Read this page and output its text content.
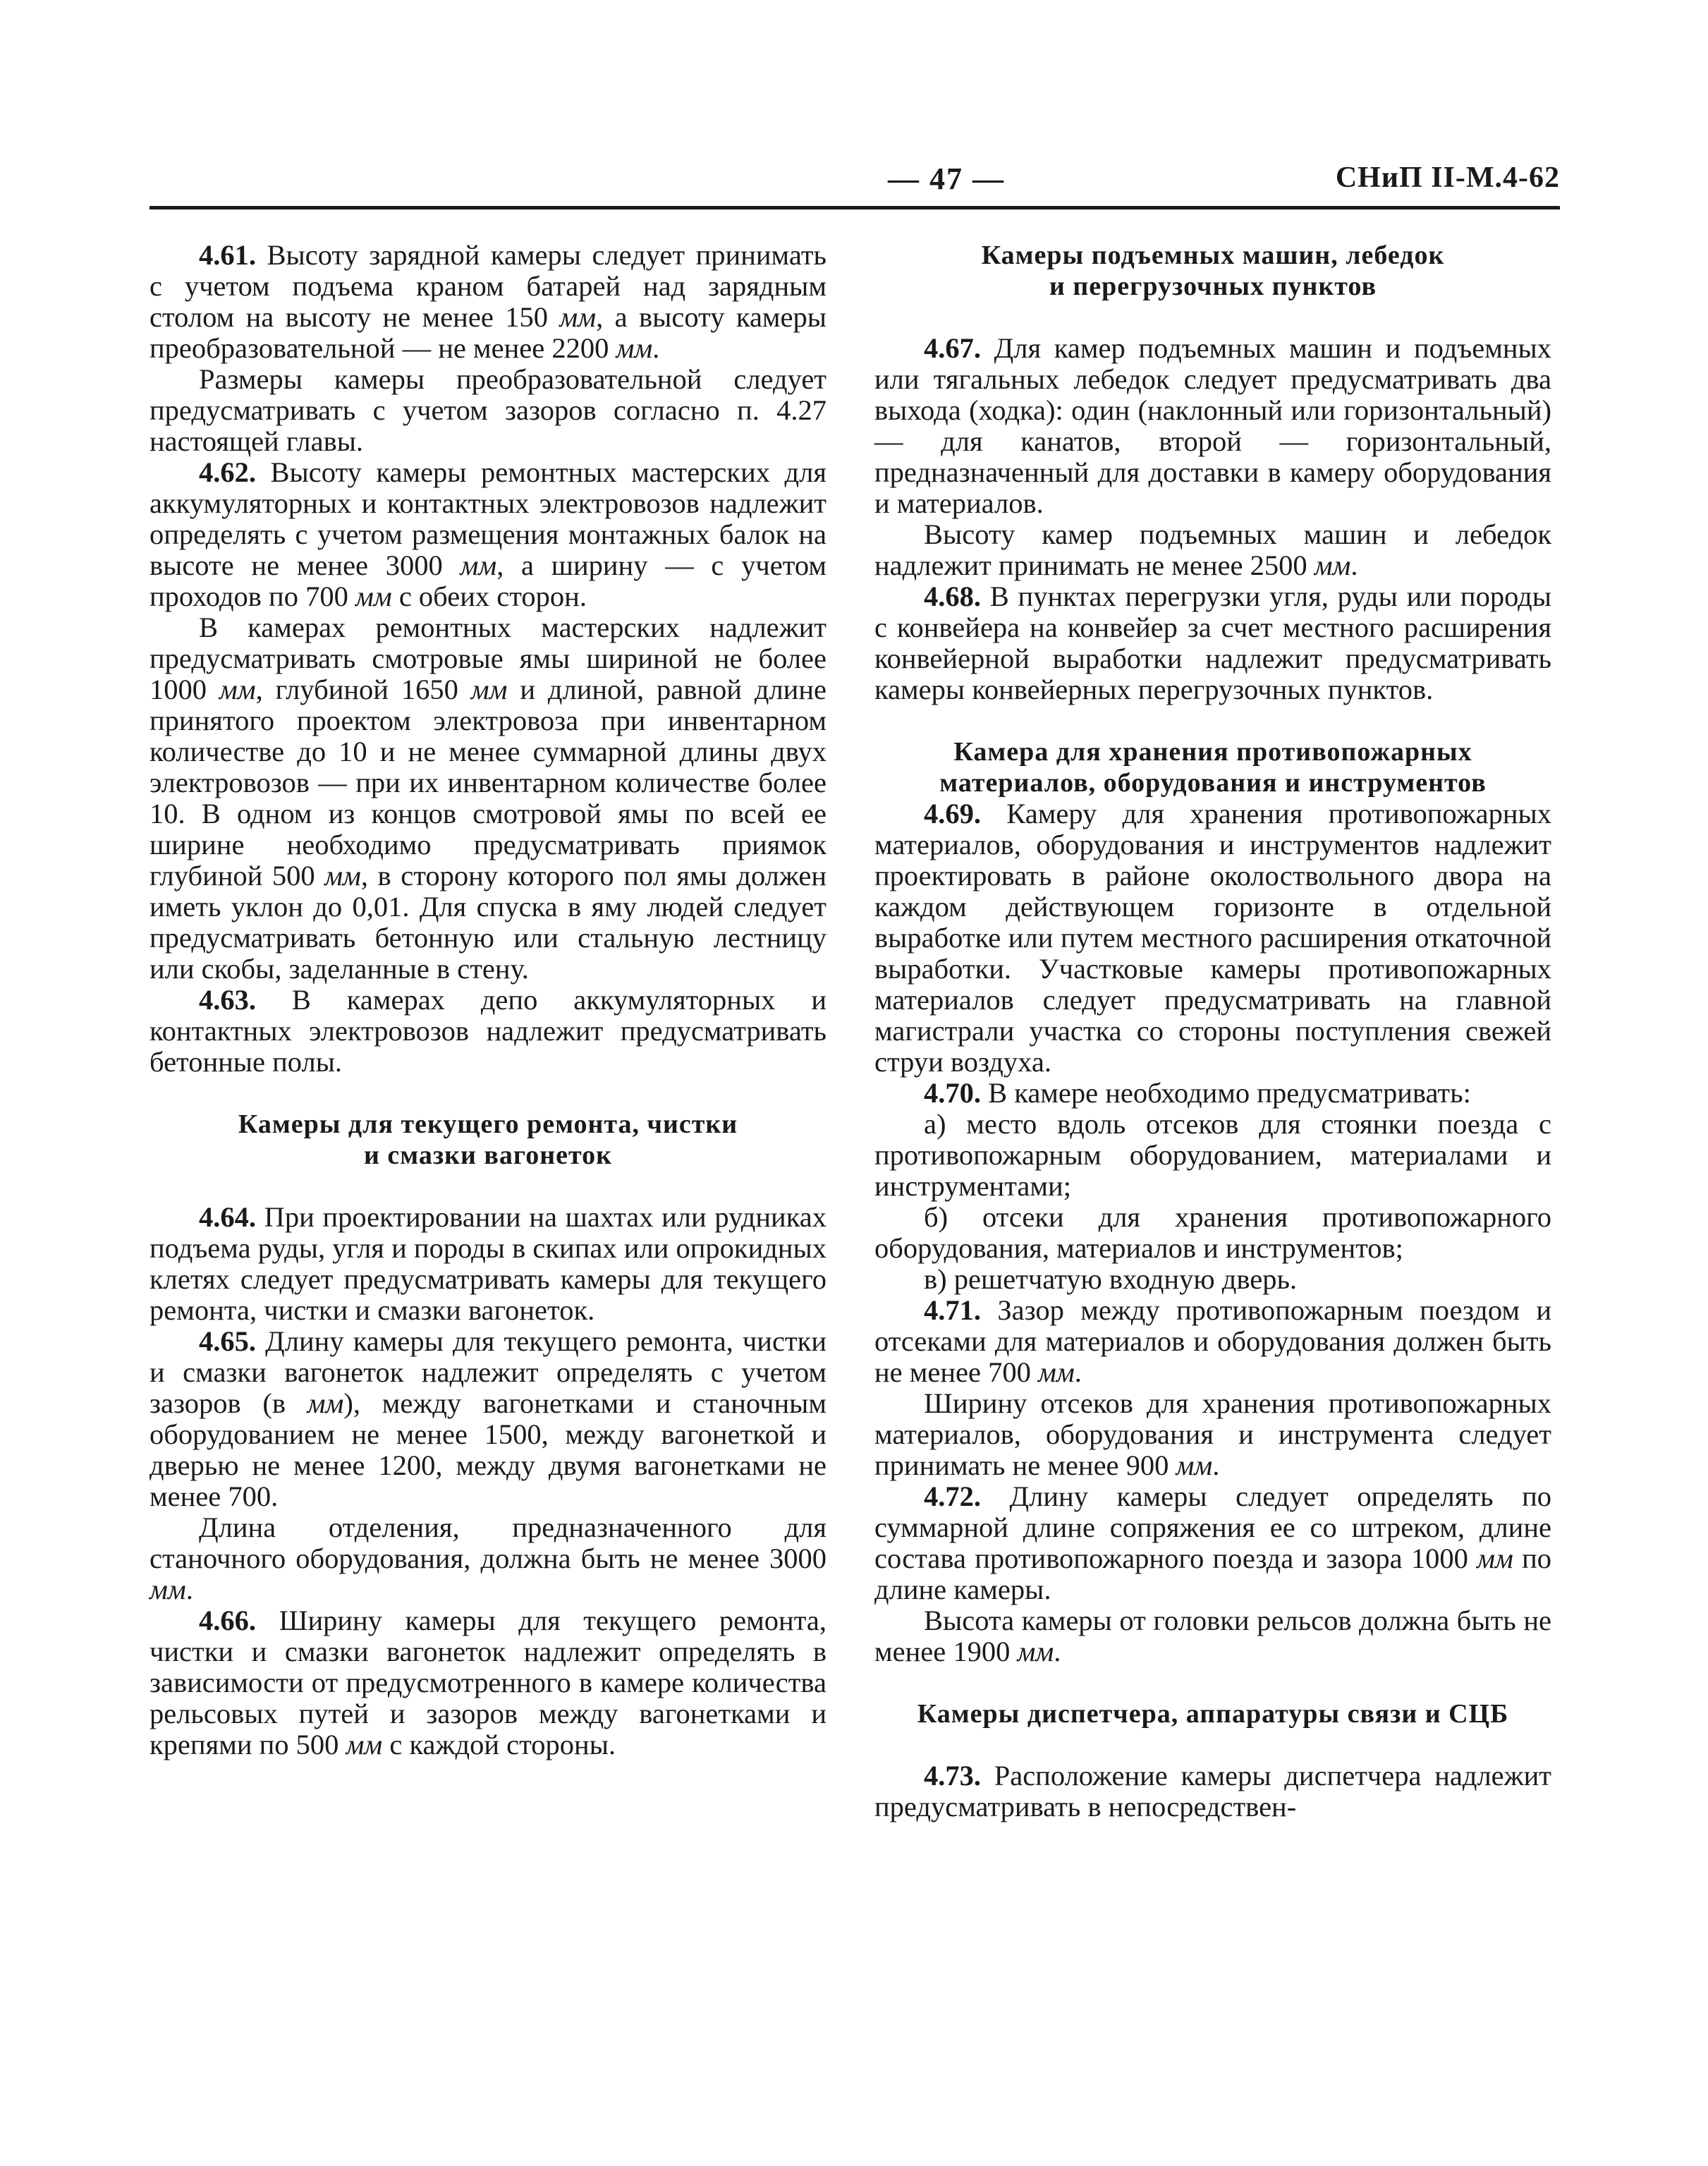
— 47 —	СНиП II-М.4-62

4.61. Высоту зарядной камеры следует принимать с учетом подъема краном батарей над зарядным столом на высоту не менее 150 мм, а высоту камеры преобразовательной — не менее 2200 мм.

Размеры камеры преобразовательной следует предусматривать с учетом зазоров согласно п. 4.27 настоящей главы.

4.62. Высоту камеры ремонтных мастерских для аккумуляторных и контактных электровозов надлежит определять с учетом размещения монтажных балок на высоте не менее 3000 мм, а ширину — с учетом проходов по 700 мм с обеих сторон.

В камерах ремонтных мастерских надлежит предусматривать смотровые ямы шириной не более 1000 мм, глубиной 1650 мм и длиной, равной длине принятого проектом электровоза при инвентарном количестве до 10 и не менее суммарной длины двух электровозов — при их инвентарном количестве более 10. В одном из концов смотровой ямы по всей ее ширине необходимо предусматривать приямок глубиной 500 мм, в сторону которого пол ямы должен иметь уклон до 0,01. Для спуска в яму людей следует предусматривать бетонную или стальную лестницу или скобы, заделанные в стену.

4.63. В камерах депо аккумуляторных и контактных электровозов надлежит предусматривать бетонные полы.

Камеры для текущего ремонта, чистки
и смазки вагонеток

4.64. При проектировании на шахтах или рудниках подъема руды, угля и породы в скипах или опрокидных клетях следует предусматривать камеры для текущего ремонта, чистки и смазки вагонеток.

4.65. Длину камеры для текущего ремонта, чистки и смазки вагонеток надлежит определять с учетом зазоров (в мм), между вагонетками и станочным оборудованием не менее 1500, между вагонеткой и дверью не менее 1200, между двумя вагонетками не менее 700.

Длина отделения, предназначенного для станочного оборудования, должна быть не менее 3000 мм.

4.66. Ширину камеры для текущего ремонта, чистки и смазки вагонеток надлежит определять в зависимости от предусмотренного в камере количества рельсовых путей и зазоров между вагонетками и крепями по 500 мм с каждой стороны.

Камеры подъемных машин, лебедок
и перегрузочных пунктов

4.67. Для камер подъемных машин и подъемных или тягальных лебедок следует предусматривать два выхода (ходка): один (наклонный или горизонтальный) — для канатов, второй — горизонтальный, предназначенный для доставки в камеру оборудования и материалов.

Высоту камер подъемных машин и лебедок надлежит принимать не менее 2500 мм.

4.68. В пунктах перегрузки угля, руды или породы с конвейера на конвейер за счет местного расширения конвейерной выработки надлежит предусматривать камеры конвейерных перегрузочных пунктов.

Камера для хранения противопожарных
материалов, оборудования и инструментов

4.69. Камеру для хранения противопожарных материалов, оборудования и инструментов надлежит проектировать в районе околоствольного двора на каждом действующем горизонте в отдельной выработке или путем местного расширения откаточной выработки. Участковые камеры противопожарных материалов следует предусматривать на главной магистрали участка со стороны поступления свежей струи воздуха.

4.70. В камере необходимо предусматривать:

а) место вдоль отсеков для стоянки поезда с противопожарным оборудованием, материалами и инструментами;

б) отсеки для хранения противопожарного оборудования, материалов и инструментов;

в) решетчатую входную дверь.

4.71. Зазор между противопожарным поездом и отсеками для материалов и оборудования должен быть не менее 700 мм.

Ширину отсеков для хранения противопожарных материалов, оборудования и инструмента следует принимать не менее 900 мм.

4.72. Длину камеры следует определять по суммарной длине сопряжения ее со штреком, длине состава противопожарного поезда и зазора 1000 мм по длине камеры.

Высота камеры от головки рельсов должна быть не менее 1900 мм.

Камеры диспетчера, аппаратуры связи и СЦБ

4.73. Расположение камеры диспетчера надлежит предусматривать в непосредствен-
